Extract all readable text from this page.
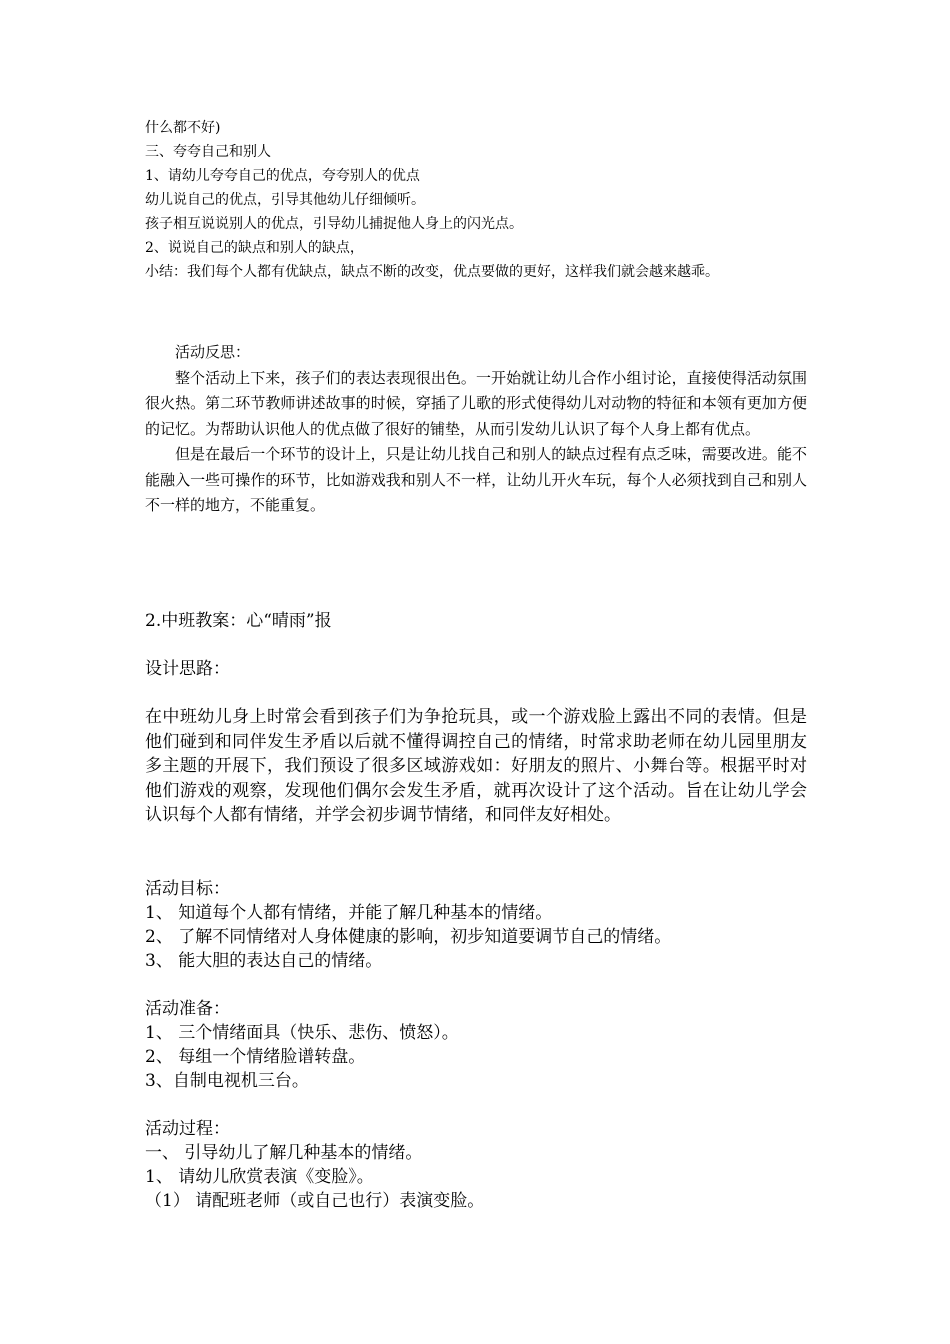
什么都不好)
三、夸夸自己和别人
1、请幼儿夸夸自己的优点，夸夸别人的优点
幼儿说自己的优点，引导其他幼儿仔细倾听。
孩子相互说说别人的优点，引导幼儿捕捉他人身上的闪光点。
2、说说自己的缺点和别人的缺点，
小结：我们每个人都有优缺点，缺点不断的改变，优点要做的更好，这样我们就会越来越乖。

活动反思：

整个活动上下来，孩子们的表达表现很出色。一开始就让幼儿合作小组讨论，直接使得活动氛围很火热。第二环节教师讲述故事的时候，穿插了儿歌的形式使得幼儿对动物的特征和本领有更加方便的记忆。为帮助认识他人的优点做了很好的铺垫，从而引发幼儿认识了每个人身上都有优点。

但是在最后一个环节的设计上，只是让幼儿找自己和别人的缺点过程有点乏味，需要改进。能不能融入一些可操作的环节，比如游戏我和别人不一样，让幼儿开火车玩，每个人必须找到自己和别人不一样的地方，不能重复。

2.中班教案：心“晴雨”报
设计思路：

在中班幼儿身上时常会看到孩子们为争抢玩具，或一个游戏脸上露出不同的表情。但是他们碰到和同伴发生矛盾以后就不懂得调控自己的情绪，时常求助老师在幼儿园里朋友多主题的开展下，我们预设了很多区域游戏如：好朋友的照片、小舞台等。根据平时对他们游戏的观察，发现他们偶尔会发生矛盾，就再次设计了这个活动。旨在让幼儿学会认识每个人都有情绪，并学会初步调节情绪，和同伴友好相处。

活动目标：
1、 知道每个人都有情绪，并能了解几种基本的情绪。
2、 了解不同情绪对人身体健康的影响，初步知道要调节自己的情绪。
3、 能大胆的表达自己的情绪。
活动准备：
1、 三个情绪面具（快乐、悲伤、愤怒）。
2、 每组一个情绪脸谱转盘。
3、自制电视机三台。
活动过程：
一、 引导幼儿了解几种基本的情绪。
1、 请幼儿欣赏表演《变脸》。
（1） 请配班老师（或自己也行）表演变脸。
